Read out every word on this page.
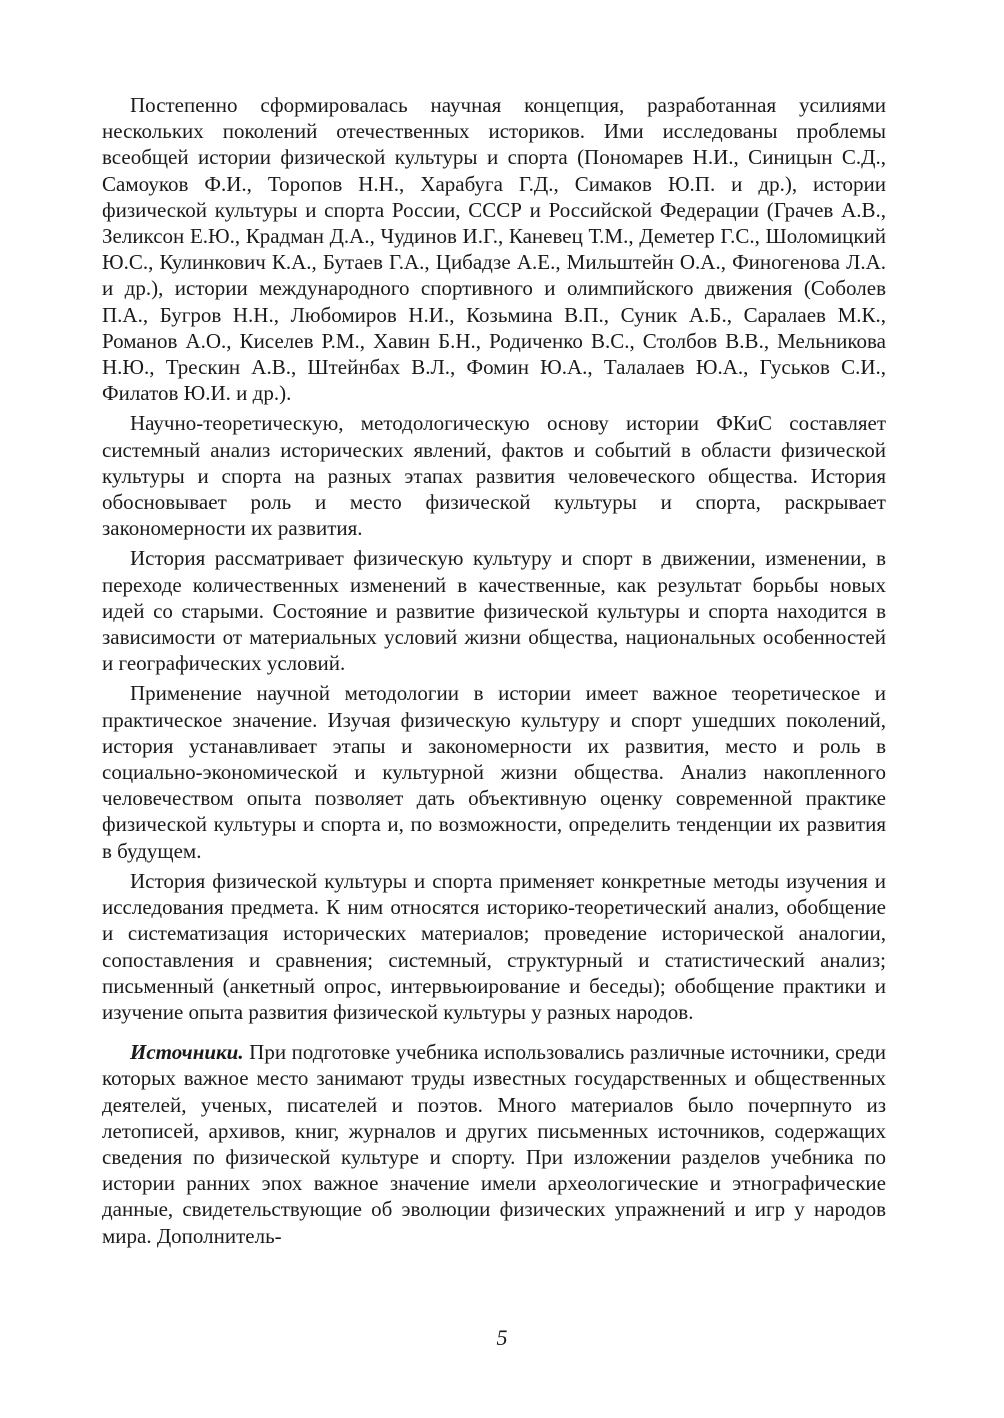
Постепенно сформировалась научная концепция, разработанная усилиями нескольких поколений отечественных историков. Ими исследованы проблемы всеобщей истории физической культуры и спорта (Пономарев Н.И., Синицын С.Д., Самоуков Ф.И., Торопов Н.Н., Харабуга Г.Д., Симаков Ю.П. и др.), истории физической культуры и спорта России, СССР и Российской Федерации (Грачев А.В., Зеликсон Е.Ю., Крадман Д.А., Чудинов И.Г., Каневец Т.М., Деметер Г.С., Шоломицкий Ю.С., Кулинкович К.А., Бутаев Г.А., Цибадзе А.Е., Мильштейн О.А., Финогенова Л.А. и др.), истории международного спортивного и олимпийского движения (Соболев П.А., Бугров Н.Н., Любомиров Н.И., Козьмина В.П., Суник А.Б., Саралаев М.К., Романов А.О., Киселев Р.М., Хавин Б.Н., Родиченко В.С., Столбов В.В., Мельникова Н.Ю., Трескин А.В., Штейнбах В.Л., Фомин Ю.А., Талалаев Ю.А., Гуськов С.И., Филатов Ю.И. и др.).

Научно-теоретическую, методологическую основу истории ФКиС составляет системный анализ исторических явлений, фактов и событий в области физической культуры и спорта на разных этапах развития человеческого общества. История обосновывает роль и место физической культуры и спорта, раскрывает закономерности их развития.

История рассматривает физическую культуру и спорт в движении, изменении, в переходе количественных изменений в качественные, как результат борьбы новых идей со старыми. Состояние и развитие физической культуры и спорта находится в зависимости от материальных условий жизни общества, национальных особенностей и географических условий.

Применение научной методологии в истории имеет важное теоретическое и практическое значение. Изучая физическую культуру и спорт ушедших поколений, история устанавливает этапы и закономерности их развития, место и роль в социально-экономической и культурной жизни общества. Анализ накопленного человечеством опыта позволяет дать объективную оценку современной практике физической культуры и спорта и, по возможности, определить тенденции их развития в будущем.

История физической культуры и спорта применяет конкретные методы изучения и исследования предмета. К ним относятся историко-теоретический анализ, обобщение и систематизация исторических материалов; проведение исторической аналогии, сопоставления и сравнения; системный, структурный и статистический анализ; письменный (анкетный опрос, интервьюирование и беседы); обобщение практики и изучение опыта развития физической культуры у разных народов.

Источники. При подготовке учебника использовались различные источники, среди которых важное место занимают труды известных государственных и общественных деятелей, ученых, писателей и поэтов. Много материалов было почерпнуто из летописей, архивов, книг, журналов и других письменных источников, содержащих сведения по физической культуре и спорту. При изложении разделов учебника по истории ранних эпох важное значение имели археологические и этнографические данные, свидетельствующие об эволюции физических упражнений и игр у народов мира. Дополнитель-

5
